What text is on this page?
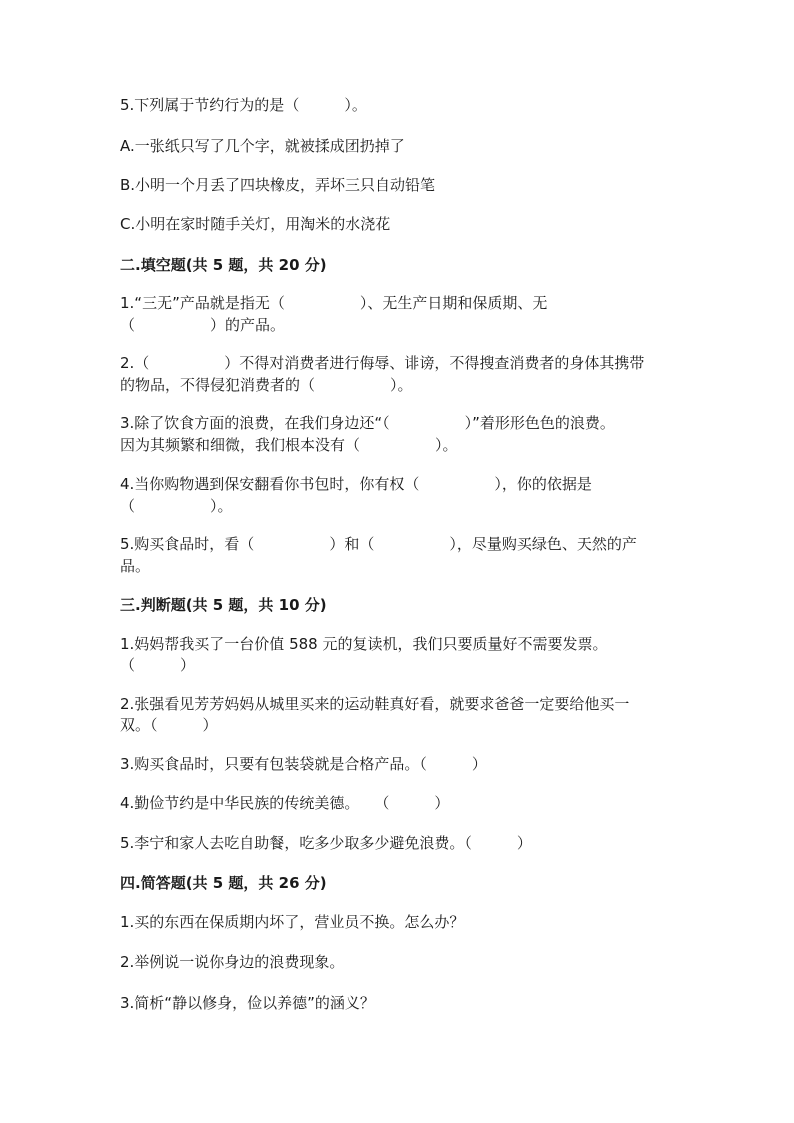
5.下列属于节约行为的是（　　　）。
A.一张纸只写了几个字，就被揉成团扔掉了
B.小明一个月丢了四块橡皮，弄坏三只自动铅笔
C.小明在家时随手关灯，用淘米的水浇花
二.填空题(共 5 题，共 20 分)
1.“三无”产品就是指无（　　　　　）、无生产日期和保质期、无
（　　　　　）的产品。
2.（　　　　　）不得对消费者进行侮辱、诽谤，不得搜查消费者的身体其携带
的物品，不得侵犯消费者的（　　　　　）。
3.除了饮食方面的浪费，在我们身边还“（　　　　　）”着形形色色的浪费。
因为其频繁和细微，我们根本没有（　　　　　）。
4.当你购物遇到保安翻看你书包时，你有权（　　　　　），你的依据是
（　　　　　）。
5.购买食品时，看（　　　　　）和（　　　　　），尽量购买绿色、天然的产
品。
三.判断题(共 5 题，共 10 分)
1.妈妈帮我买了一台价值 588 元的复读机，我们只要质量好不需要发票。
（　　　）
2.张强看见芳芳妈妈从城里买来的运动鞋真好看，就要求爸爸一定要给他买一
双。（　　　）
3.购买食品时，只要有包装袋就是合格产品。（　　　）
4.勤俭节约是中华民族的传统美德。　　（　　　）
5.李宁和家人去吃自助餐，吃多少取多少避免浪费。（　　　）
四.简答题(共 5 题，共 26 分)
1.买的东西在保质期内坏了，营业员不换。怎么办？
2.举例说一说你身边的浪费现象。
3.简析“静以修身，俭以养德”的涵义？
